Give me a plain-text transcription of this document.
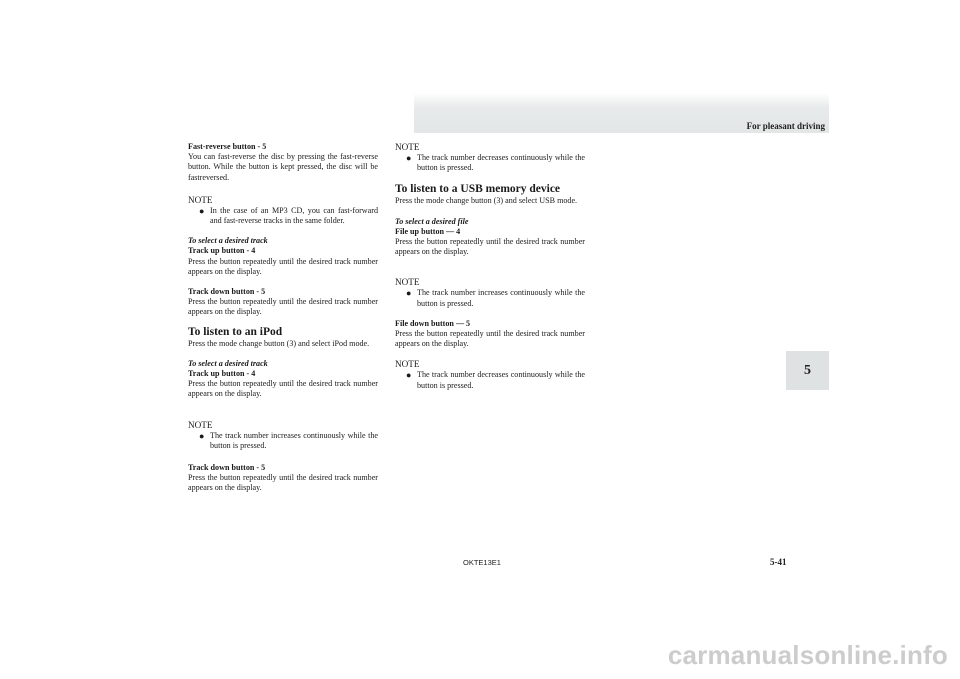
For pleasant driving
5
Fast-reverse button - 5

You can fast-reverse the disc by pressing the fast-reverse button. While the button is kept pressed, the disc will be fastreversed.

NOTE
● In the case of an MP3 CD, you can fast-forward and fast-reverse tracks in the same folder.
To select a desired track
Track up button - 4

Press the button repeatedly until the desired track number appears on the display.

Track down button - 5

Press the button repeatedly until the desired track number appears on the display.

To listen to an iPod

Press the mode change button (3) and select iPod mode.

To select a desired track
Track up button - 4

Press the button repeatedly until the desired track number appears on the display.

NOTE
● The track number increases continuously while the button is pressed.
Track down button - 5

Press the button repeatedly until the desired track number appears on the display.

NOTE
● The track number decreases continuously while the button is pressed.
To listen to a USB memory device

Press the mode change button (3) and select USB mode.

To select a desired file
File up button — 4

Press the button repeatedly until the desired track number appears on the display.

NOTE
● The track number increases continuously while the button is pressed.
File down button — 5

Press the button repeatedly until the desired track number appears on the display.

NOTE
● The track number decreases continuously while the button is pressed.
OKTE13E1	5-41
carmanualsonline.info
